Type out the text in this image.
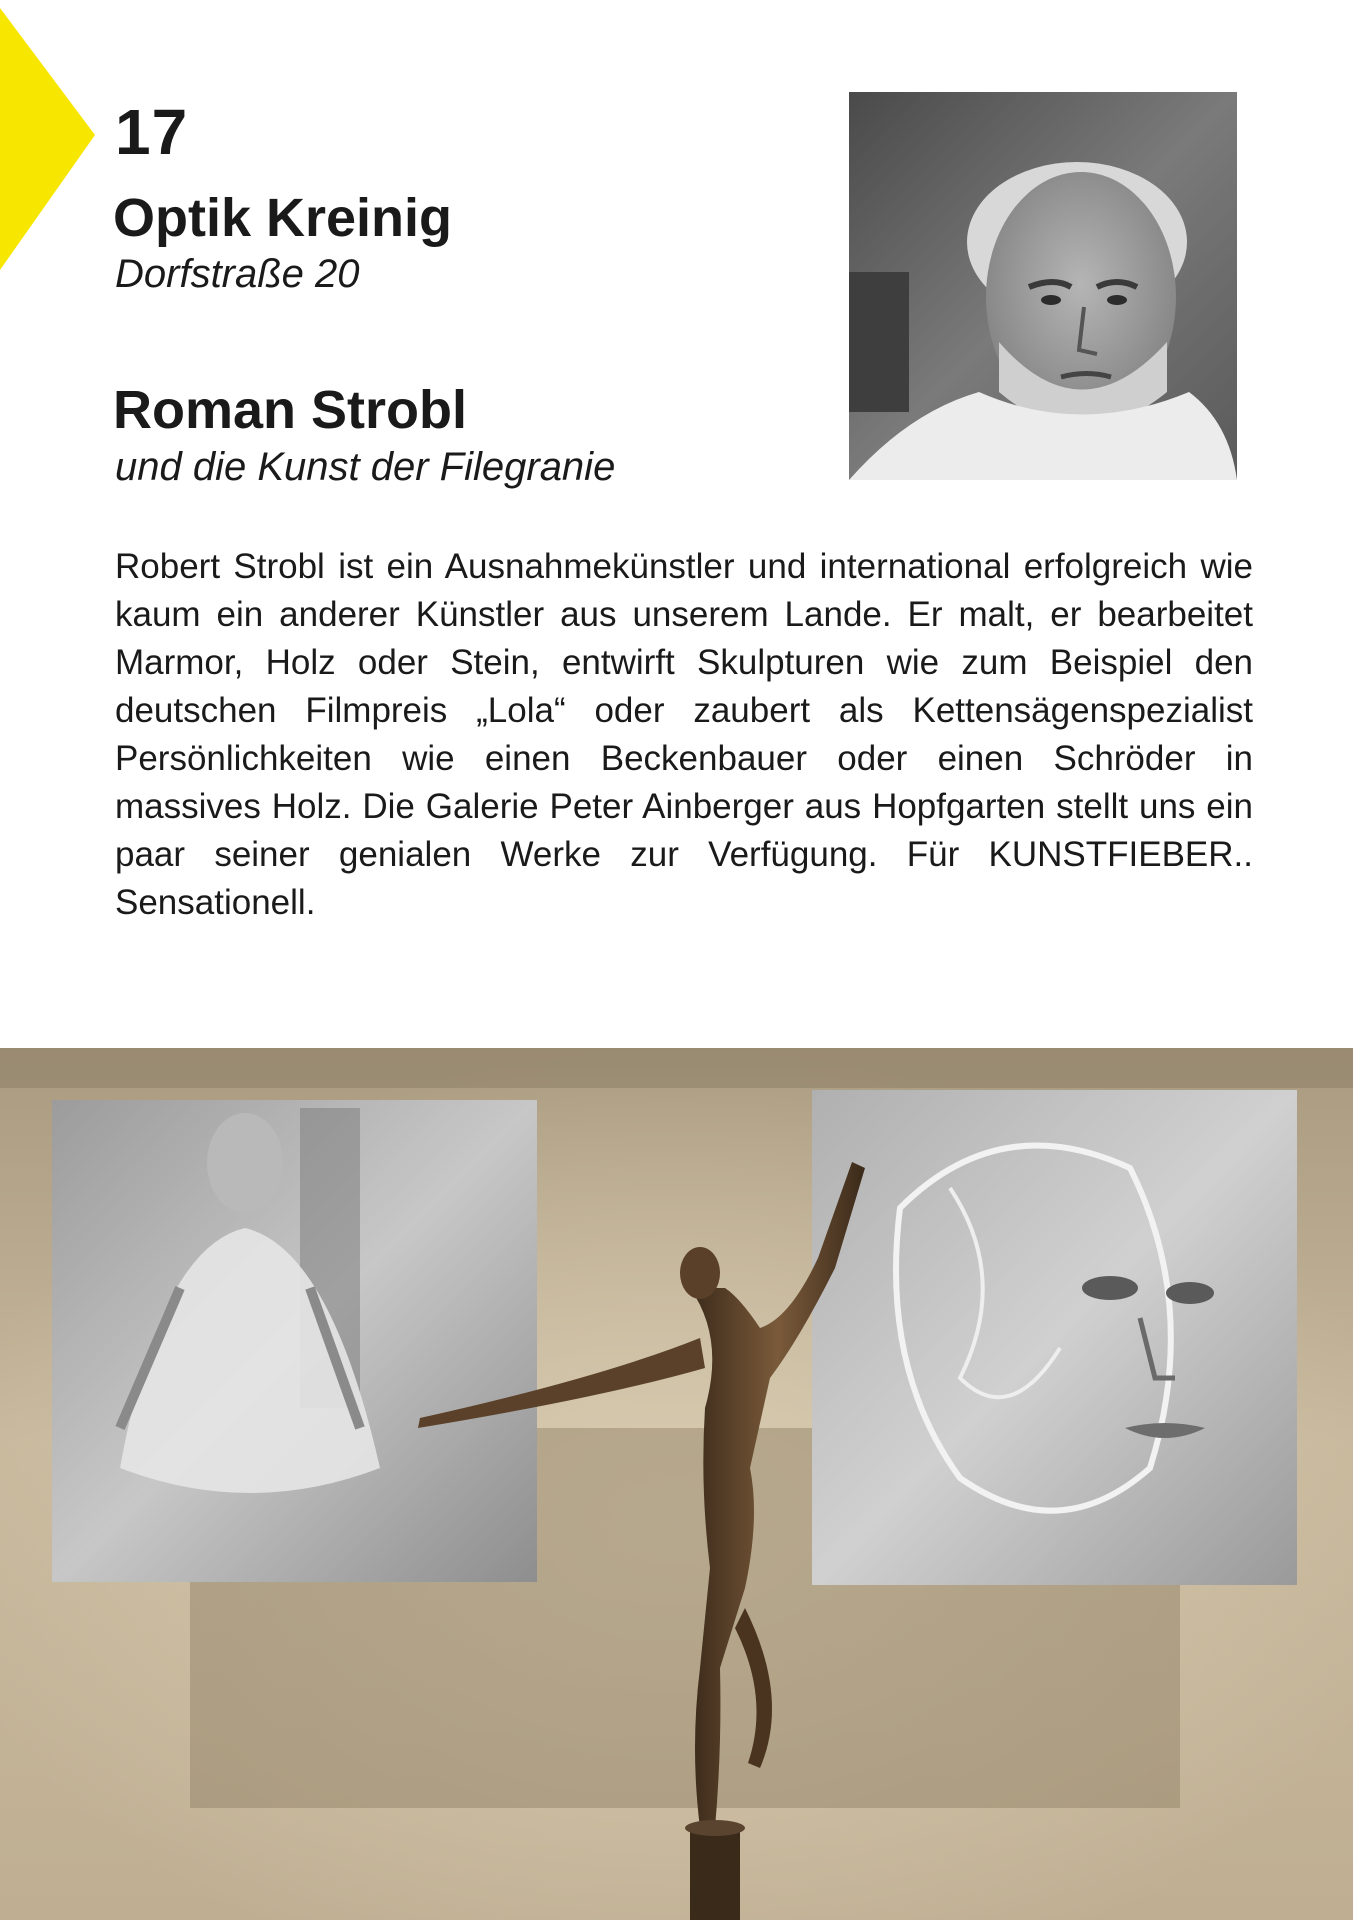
17
Optik Kreinig
Dorfstraße 20
Roman Strobl
und die Kunst der Filegranie

Robert Strobl ist ein Ausnahmekünstler und international erfolgreich wie kaum ein anderer Künstler aus unserem Lande. Er malt, er bearbeitet Marmor, Holz oder Stein, entwirft Skulpturen wie zum Beispiel den deutschen Filmpreis „Lola“ oder zaubert als Kettensägenspezialist Persönlichkeiten wie einen Beckenbauer oder einen Schröder in massives Holz. Die Galerie Peter Ainberger aus Hopfgarten stellt uns ein paar seiner genialen Werke zur Verfügung. Für KUNSTFIEBER.. Sensationell.
